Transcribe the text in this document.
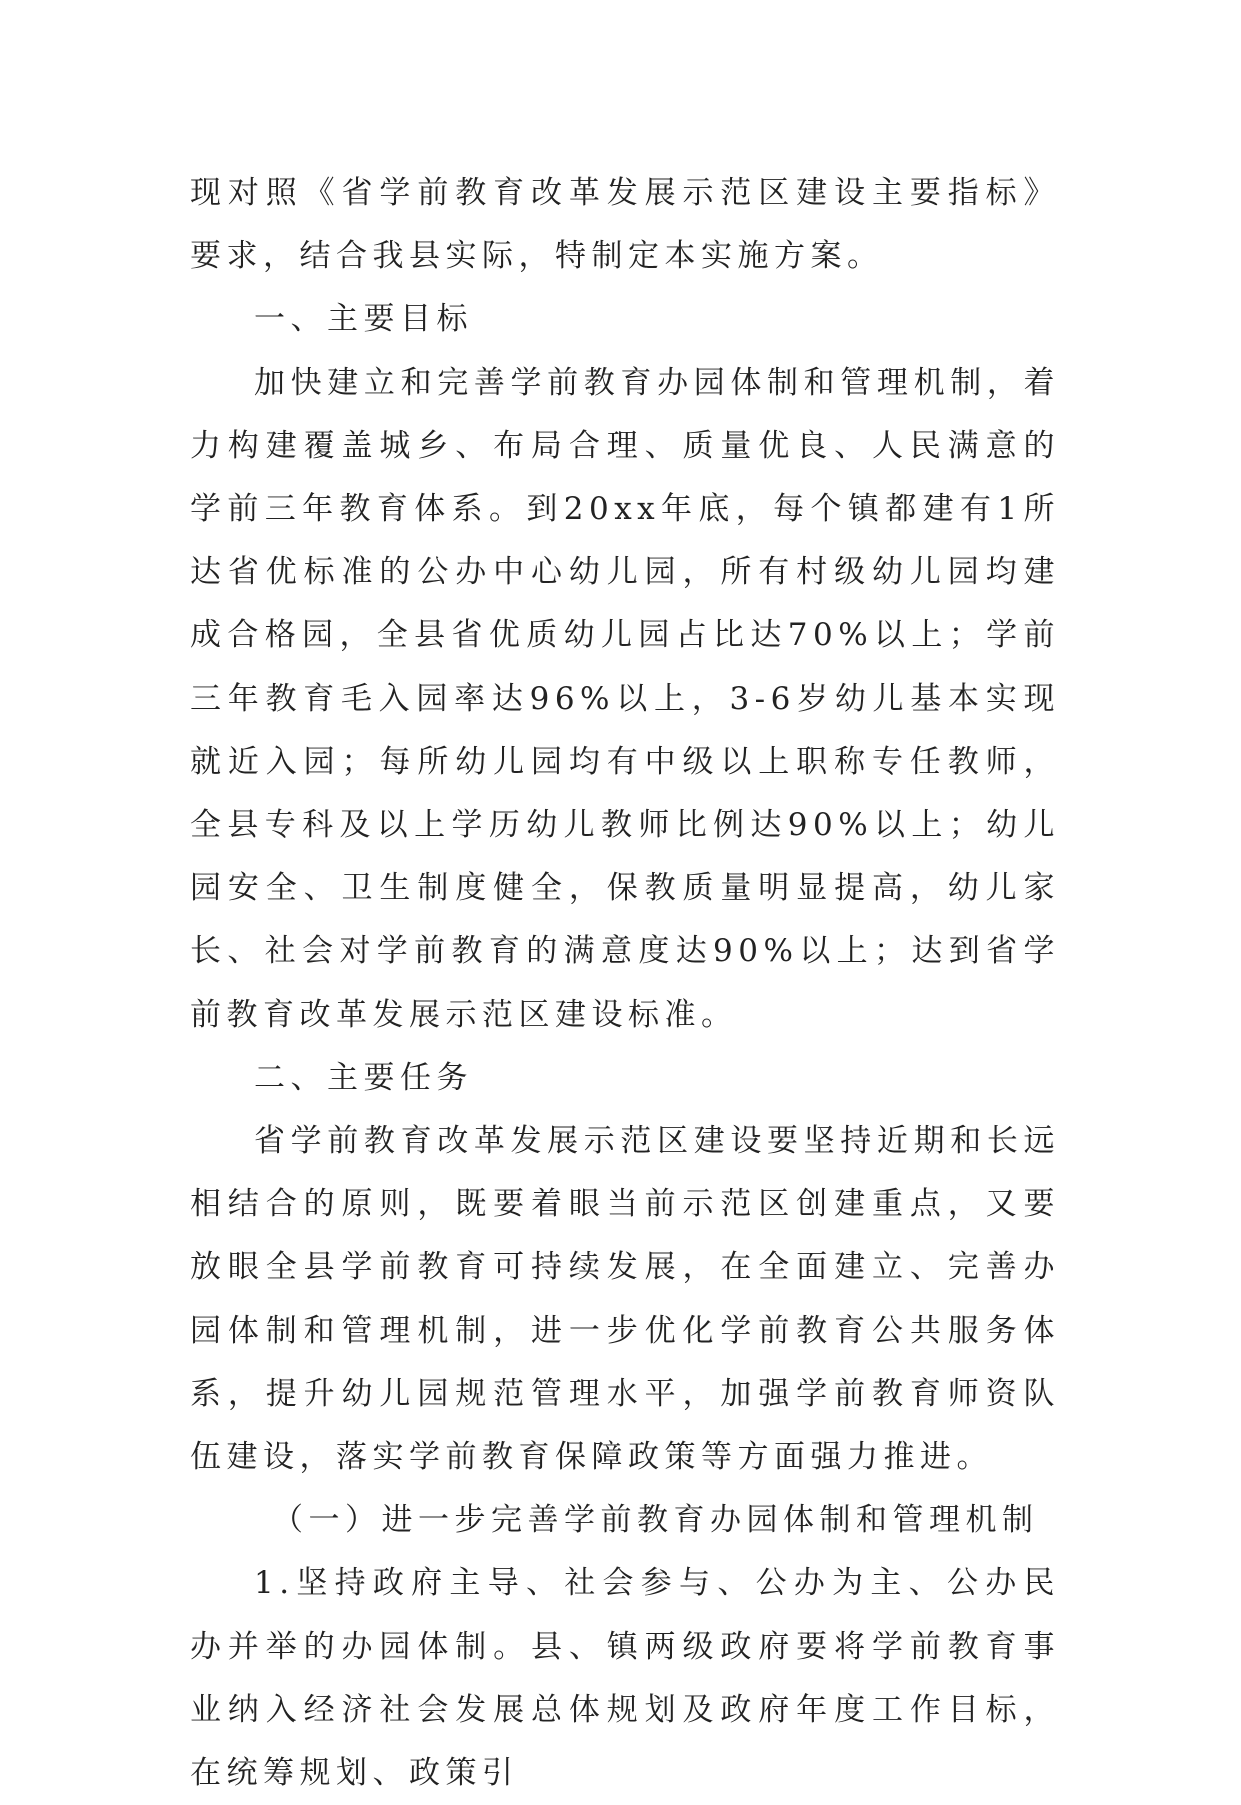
现对照《省学前教育改革发展示范区建设主要指标》要求，结合我县实际，特制定本实施方案。

一、主要目标

加快建立和完善学前教育办园体制和管理机制，着力构建覆盖城乡、布局合理、质量优良、人民满意的学前三年教育体系。到20xx年底，每个镇都建有1所达省优标准的公办中心幼儿园，所有村级幼儿园均建成合格园，全县省优质幼儿园占比达70%以上；学前三年教育毛入园率达96%以上，3-6岁幼儿基本实现就近入园；每所幼儿园均有中级以上职称专任教师，全县专科及以上学历幼儿教师比例达90%以上；幼儿园安全、卫生制度健全，保教质量明显提高，幼儿家长、社会对学前教育的满意度达90%以上；达到省学前教育改革发展示范区建设标准。

二、主要任务

省学前教育改革发展示范区建设要坚持近期和长远相结合的原则，既要着眼当前示范区创建重点，又要放眼全县学前教育可持续发展，在全面建立、完善办园体制和管理机制，进一步优化学前教育公共服务体系，提升幼儿园规范管理水平，加强学前教育师资队伍建设，落实学前教育保障政策等方面强力推进。

（一）进一步完善学前教育办园体制和管理机制

1.坚持政府主导、社会参与、公办为主、公办民办并举的办园体制。县、镇两级政府要将学前教育事业纳入经济社会发展总体规划及政府年度工作目标，在统筹规划、政策引
